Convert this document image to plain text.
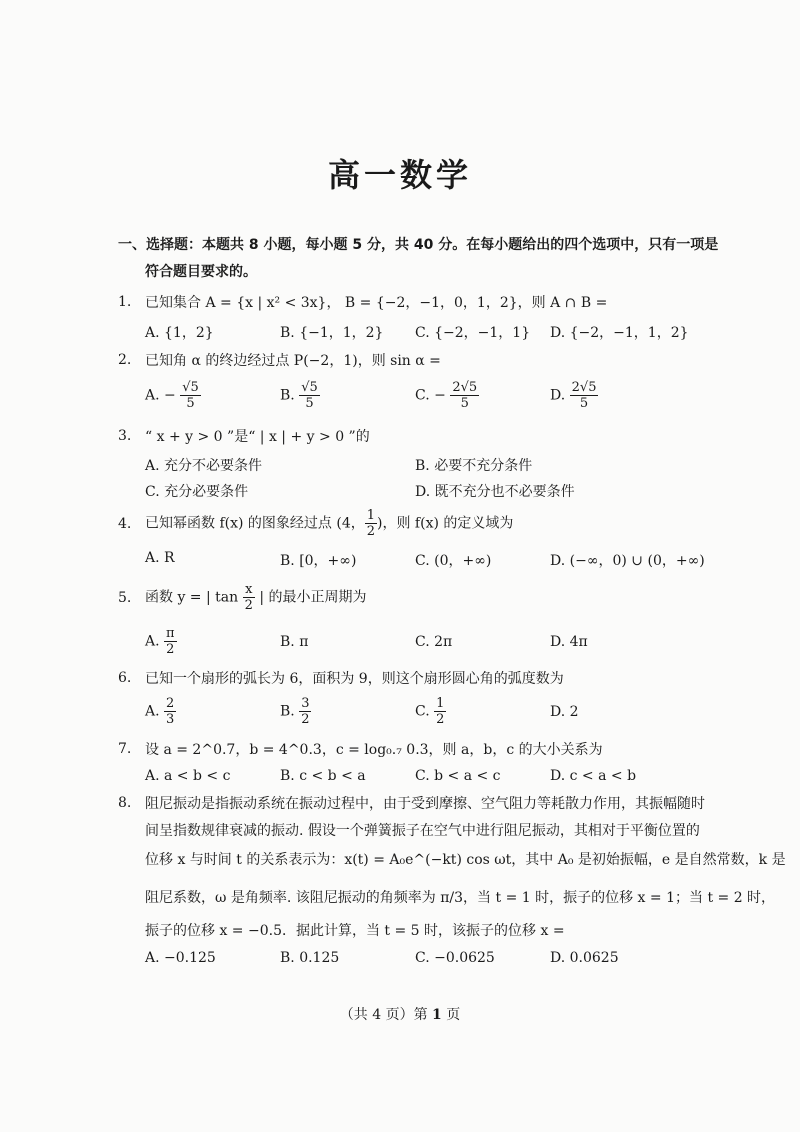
高一数学
一、选择题：本题共 8 小题，每小题 5 分，共 40 分。在每小题给出的四个选项中，只有一项是
符合题目要求的。
1. 已知集合 A = {x | x² < 3x}， B = {−2，−1，0，1，2}，则 A ∩ B =
A. {1，2}	B. {−1，1，2} C. {−2，−1，1} D. {−2，−1，1，2}
2. 已知角 α 的终边经过点 P(−2，1)，则 sin α =
A. − $\frac{√5}{5}$	B. $\frac{√5}{5}$	C. − $\frac{2√5}{5}$	D. $\frac{2√5}{5}$
3. “ x + y > 0 ”是“ | x | + y > 0 ”的
A. 充分不必要条件	B. 必要不充分条件
C. 充分必要条件	D. 既不充分也不必要条件
4. 已知幂函数 f(x) 的图象经过点 (4， $\frac{1}{2}$ )，则 f(x) 的定义域为
A. R	B. [0，+∞)	C. (0，+∞)	D. (−∞，0) ∪ (0，+∞)
5. 函数 y = | $\tan \frac{x}{2}$ | 的最小正周期为
A. $\frac{\pi}{2}$	B. π	C. 2π	D. 4π
6. 已知一个扇形的弧长为 6，面积为 9，则这个扇形圆心角的弧度数为
A. $\frac{2}{3}$	B. $\frac{3}{2}$	C. $\frac{1}{2}$	D. 2
7. 设 a = 2^0.7，b = 4^0.3，c = log₀.₇ 0.3，则 a，b，c 的大小关系为
A. a < b < c	B. c < b < a	C. b < a < c	D. c < a < b
8. 阻尼振动是指振动系统在振动过程中，由于受到摩擦、空气阻力等耗散力作用，其振幅随时
间呈指数规律衰减的振动. 假设一个弹簧振子在空气中进行阻尼振动，其相对于平衡位置的
位移 x 与时间 t 的关系表示为：x(t) = A₀e^(−kt) cos ωt，其中 A₀ 是初始振幅，e 是自然常数，k 是
阻尼系数，ω 是角频率. 该阻尼振动的角频率为 π/3，当 t = 1 时，振子的位移 x = 1；当 t = 2 时，
振子的位移 x = −0.5．据此计算，当 t = 5 时，该振子的位移 x =
A. −0.125	B. 0.125	C. −0.0625	D. 0.0625
（共 4 页）第 1 页
